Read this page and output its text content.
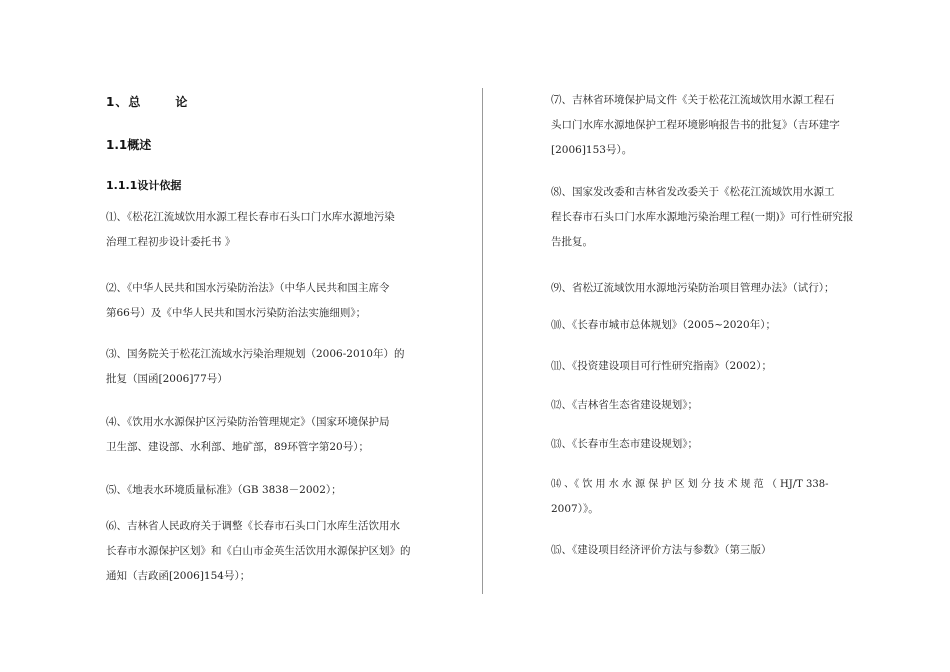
1、总	论
1.1概述
1.1.1设计依据
⑴、《松花江流域饮用水源工程长春市石头口门水库水源地污染
治理工程初步设计委托书 》
⑵、《中华人民共和国水污染防治法》（中华人民共和国主席令
第66号）及《中华人民共和国水污染防治法实施细则》；
⑶、国务院关于松花江流域水污染治理规划（2006-2010年）的
批复（国函[2006]77号）
⑷、《饮用水水源保护区污染防治管理规定》（国家环境保护局
卫生部、建设部、水利部、地矿部，89环管字第20号）；
⑸、《地表水环境质量标准》（GB 3838－2002）；
⑹、吉林省人民政府关于调整《长春市石头口门水库生活饮用水
长春市水源保护区划》和《白山市金英生活饮用水源保护区划》的
通知（吉政函[2006]154号）；
⑺、吉林省环境保护局文件《关于松花江流域饮用水源工程石
头口门水库水源地保护工程环境影响报告书的批复》（吉环建字
[2006]153号）。
⑻、国家发改委和吉林省发改委关于《松花江流域饮用水源工
程长春市石头口门水库水源地污染治理工程(一期)》可行性研究报
告批复。
⑼、省松辽流域饮用水源地污染防治项目管理办法》（试行）；
⑽、《长春市城市总体规划》（2005~2020年）；
⑾、《投资建设项目可行性研究指南》（2002）；
⑿、《吉林省生态省建设规划》；
⒀、《长春市生态市建设规划》；
⒁ 、《 饮 用 水 水 源 保 护 区 划 分 技 术 规 范 （ HJ/T 338-
2007）》。
⒂、《建设项目经济评价方法与参数》（第三版）
